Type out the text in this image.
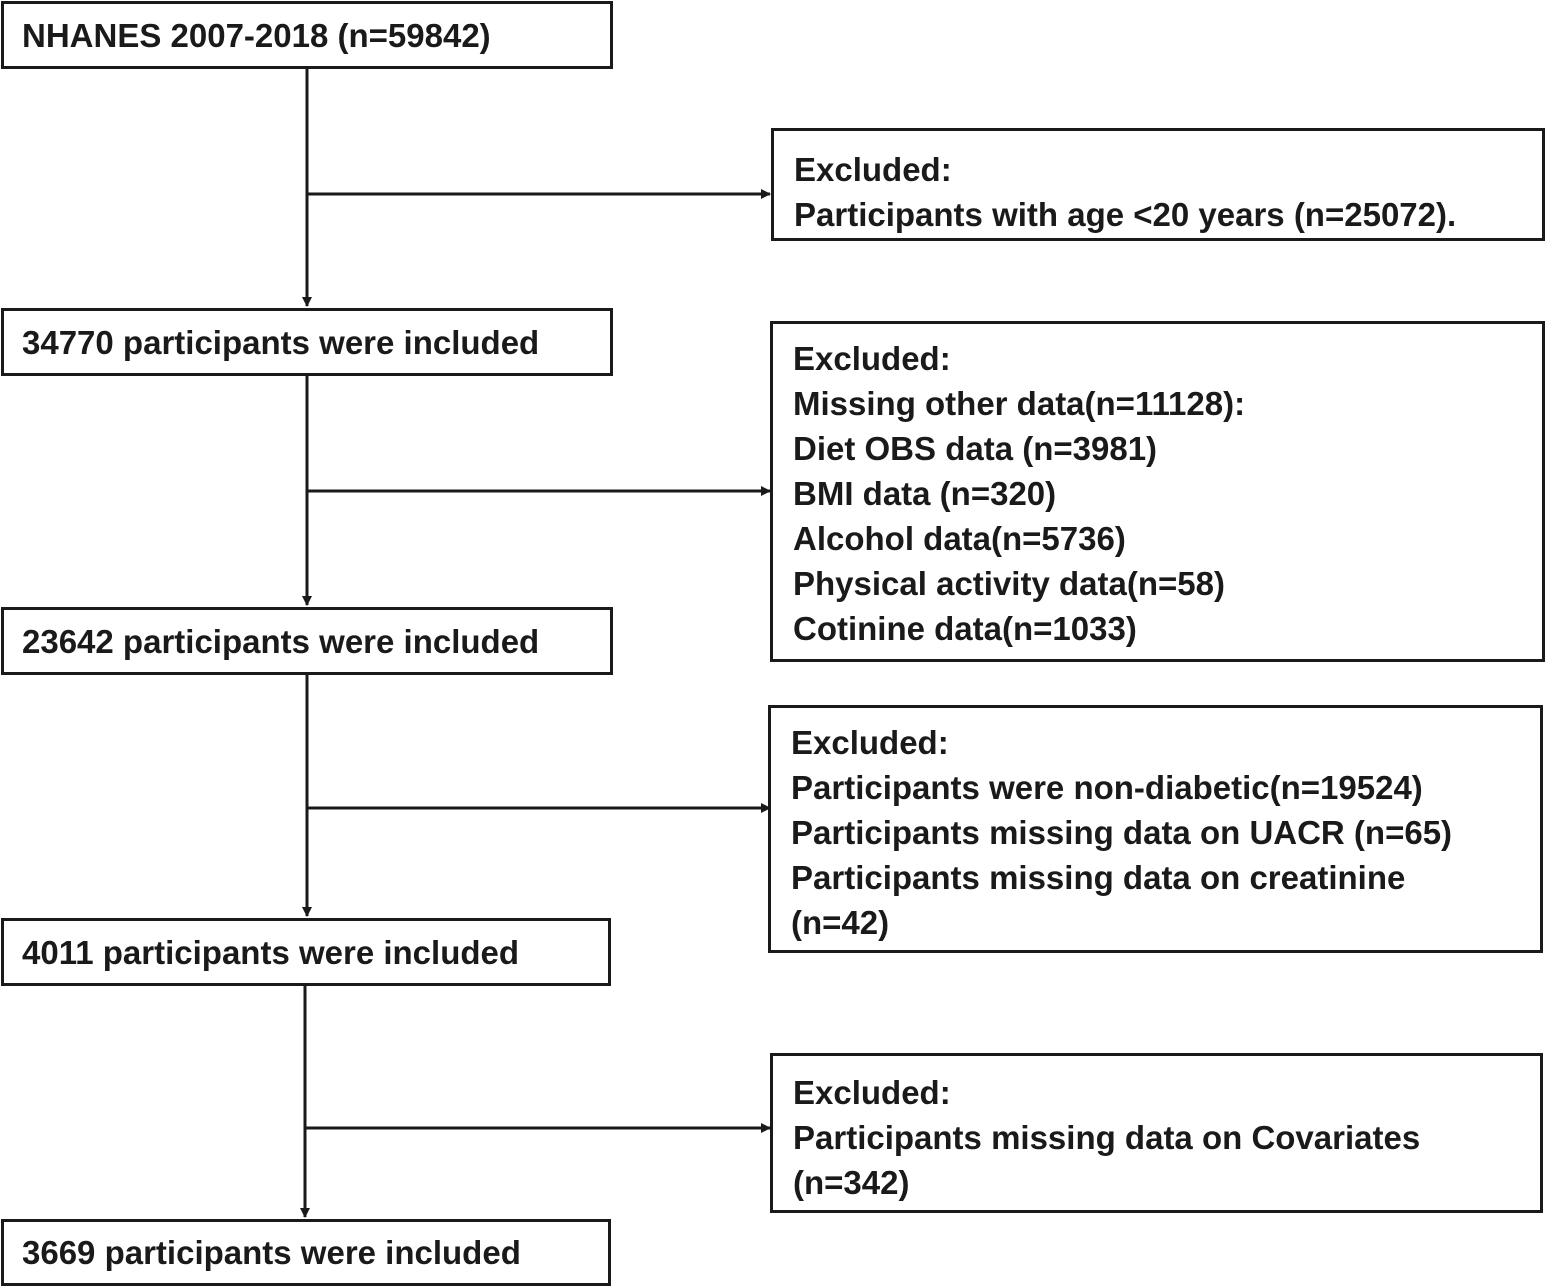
NHANES 2007-2018 (n=59842)
34770 participants were included
23642 participants were included
4011 participants were included
3669 participants were included
Excluded:
Participants with age <20 years (n=25072).
Excluded:
Missing other data(n=11128):
Diet OBS data (n=3981)
BMI data (n=320)
Alcohol data(n=5736)
Physical activity data(n=58)
Cotinine data(n=1033)
Excluded:
Participants were non-diabetic(n=19524)
Participants missing data on UACR (n=65)
Participants missing data on creatinine
(n=42)
Excluded:
Participants missing data on Covariates
(n=342)
